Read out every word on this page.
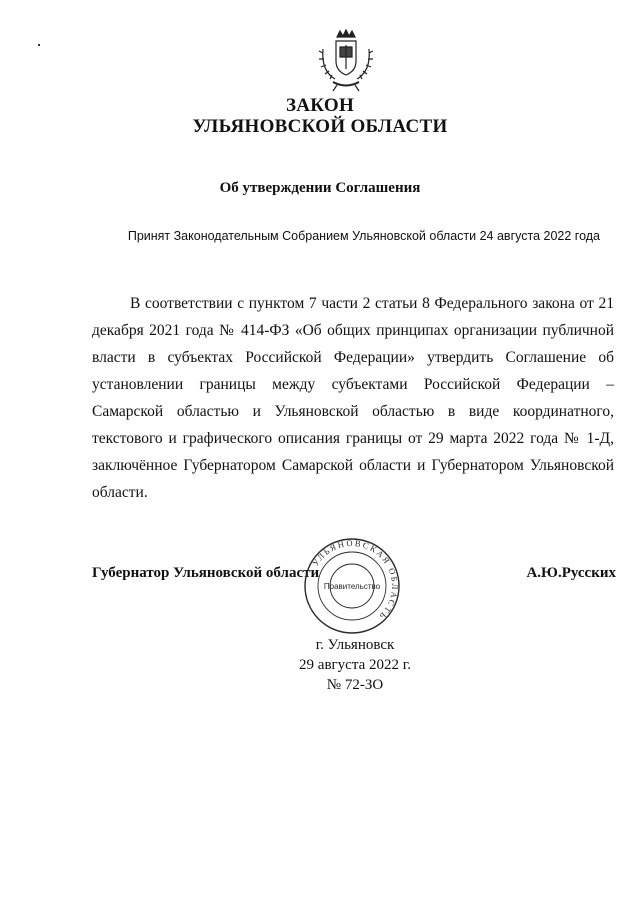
ЗАКОН
УЛЬЯНОВСКОЙ ОБЛАСТИ
Об утверждении Соглашения
Принят Законодательным Собранием Ульяновской области 24 августа 2022 года

В соответствии с пунктом 7 части 2 статьи 8 Федерального закона от 21 декабря 2021 года № 414-ФЗ «Об общих принципах организации публичной власти в субъектах Российской Федерации» утвердить Соглашение об установлении границы между субъектами Российской Федерации – Самарской областью и Ульяновской областью в виде координатного, текстового и графического описания границы от 29 марта 2022 года № 1-Д, заключённое Губернатором Самарской области и Губернатором Ульяновской области.

Губернатор Ульяновской области
УЛЬЯНОВСКАЯ ОБЛАСТЬ
Правительство
А.Ю.Русских
г. Ульяновск
29 августа 2022 г.
№ 72-ЗО
